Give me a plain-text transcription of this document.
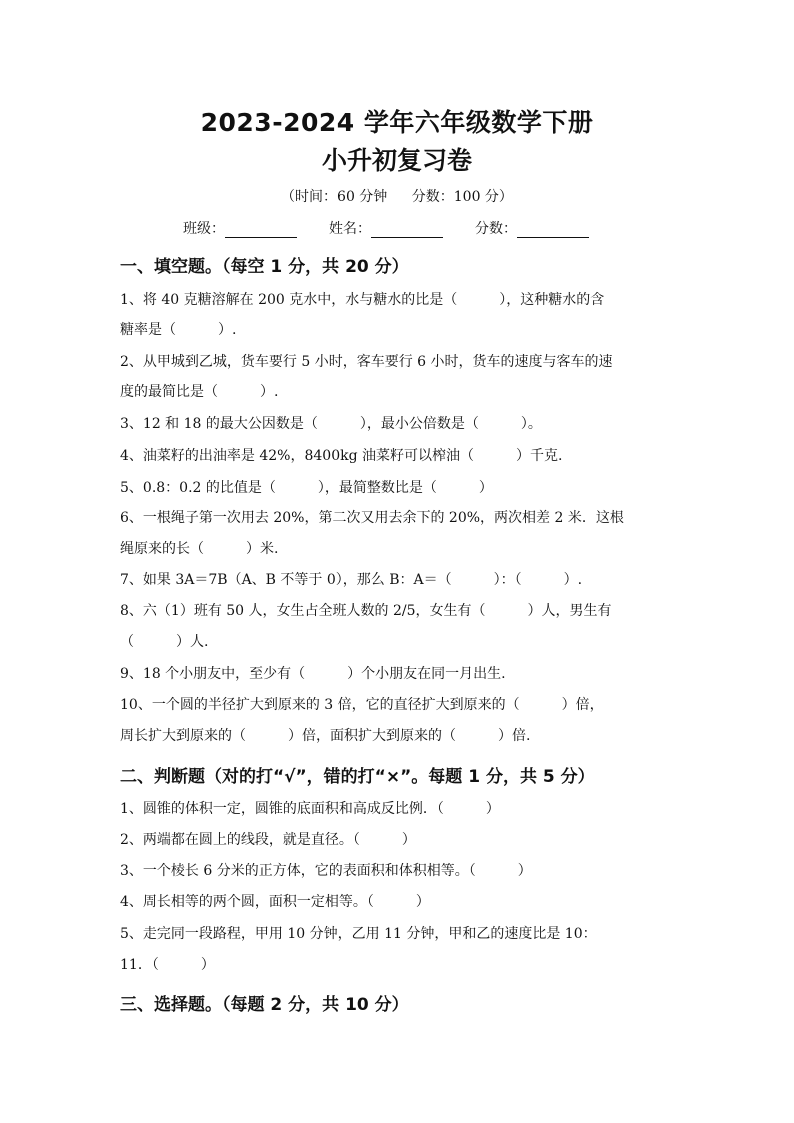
2023-2024 学年六年级数学下册
小升初复习卷
（时间：60 分钟 分数：100 分）
班级：	姓名：	分数：
一、填空题。（每空 1 分，共 20 分）
1、将 40 克糖溶解在 200 克水中，水与糖水的比是（　　　），这种糖水的含
糖率是（　　　）.
2、从甲城到乙城，货车要行 5 小时，客车要行 6 小时，货车的速度与客车的速
度的最简比是（　　　）.
3、12 和 18 的最大公因数是（　　　），最小公倍数是（　　　）。
4、油菜籽的出油率是 42%，8400kg 油菜籽可以榨油（　　　）千克.
5、0.8：0.2 的比值是（　　　），最简整数比是（　　　）
6、一根绳子第一次用去 20%，第二次又用去余下的 20%，两次相差 2 米．这根
绳原来的长（　　　）米.
7、如果 3A＝7B（A、B 不等于 0），那么 B：A＝（　　　）：（　　　）.
8、六（1）班有 50 人，女生占全班人数的 2/5，女生有（　　　）人，男生有
（　　　）人.
9、18 个小朋友中，至少有（　　　）个小朋友在同一月出生.
10、一个圆的半径扩大到原来的 3 倍，它的直径扩大到原来的（　　　）倍，
周长扩大到原来的（　　　）倍，面积扩大到原来的（　　　）倍.
二、判断题（对的打“√”，错的打“×”。每题 1 分，共 5 分）
1、圆锥的体积一定，圆锥的底面积和高成反比例．（　　　）
2、两端都在圆上的线段，就是直径。（　　　）
3、一个棱长 6 分米的正方体，它的表面积和体积相等。（　　　）
4、周长相等的两个圆，面积一定相等。（　　　）
5、走完同一段路程，甲用 10 分钟，乙用 11 分钟，甲和乙的速度比是 10：
11．（　　　）
三、选择题。（每题 2 分，共 10 分）
